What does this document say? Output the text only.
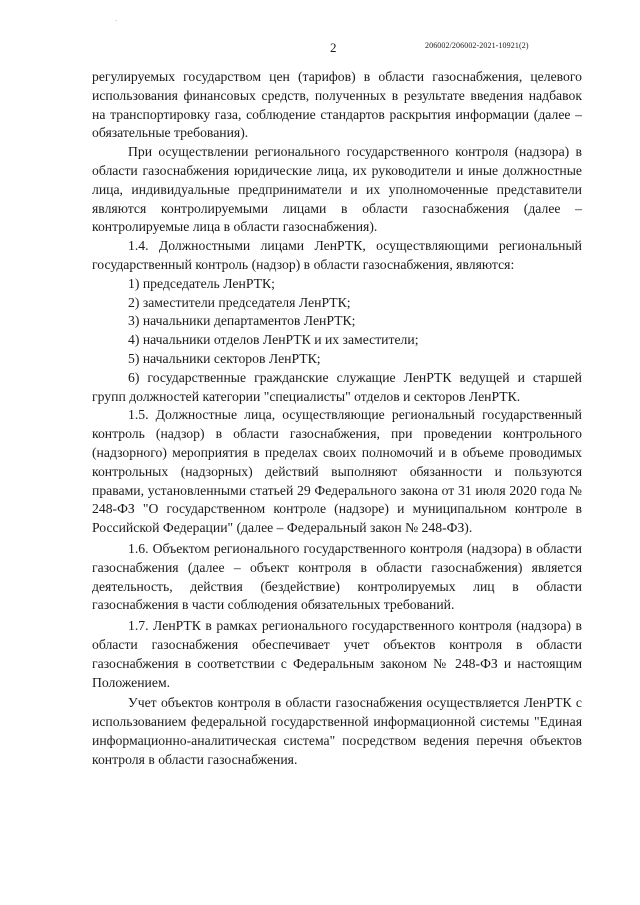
·
2	206002/206002-2021-10921(2)

регулируемых государством цен (тарифов) в области газоснабжения, целевого использования финансовых средств, полученных в результате введения надбавок на транспортировку газа, соблюдение стандартов раскрытия информации (далее – обязательные требования).

При осуществлении регионального государственного контроля (надзора) в области газоснабжения юридические лица, их руководители и иные должностные лица, индивидуальные предприниматели и их уполномоченные представители являются контролируемыми лицами в области газоснабжения (далее – контролируемые лица в области газоснабжения).

1.4. Должностными лицами ЛенРТК, осуществляющими региональный государственный контроль (надзор) в области газоснабжения, являются:

1) председатель ЛенРТК;

2) заместители председателя ЛенРТК;

3) начальники департаментов ЛенРТК;

4) начальники отделов ЛенРТК и их заместители;

5) начальники секторов ЛенРТК;

6) государственные гражданские служащие ЛенРТК ведущей и старшей групп должностей категории "специалисты" отделов и секторов ЛенРТК.

1.5. Должностные лица, осуществляющие региональный государственный контроль (надзор) в области газоснабжения, при проведении контрольного (надзорного) мероприятия в пределах своих полномочий и в объеме проводимых контрольных (надзорных) действий выполняют обязанности и пользуются правами, установленными статьей 29 Федерального закона от 31 июля 2020 года № 248-ФЗ "О государственном контроле (надзоре) и муниципальном контроле в Российской Федерации" (далее – Федеральный закон № 248-ФЗ).

1.6. Объектом регионального государственного контроля (надзора) в области газоснабжения (далее – объект контроля в области газоснабжения) является деятельность, действия (бездействие) контролируемых лиц в области газоснабжения в части соблюдения обязательных требований.

1.7. ЛенРТК в рамках регионального государственного контроля (надзора) в области газоснабжения обеспечивает учет объектов контроля в области газоснабжения в соответствии с Федеральным законом № 248-ФЗ и настоящим Положением.

Учет объектов контроля в области газоснабжения осуществляется ЛенРТК с использованием федеральной государственной информационной системы "Единая информационно-аналитическая система" посредством ведения перечня объектов контроля в области газоснабжения.
